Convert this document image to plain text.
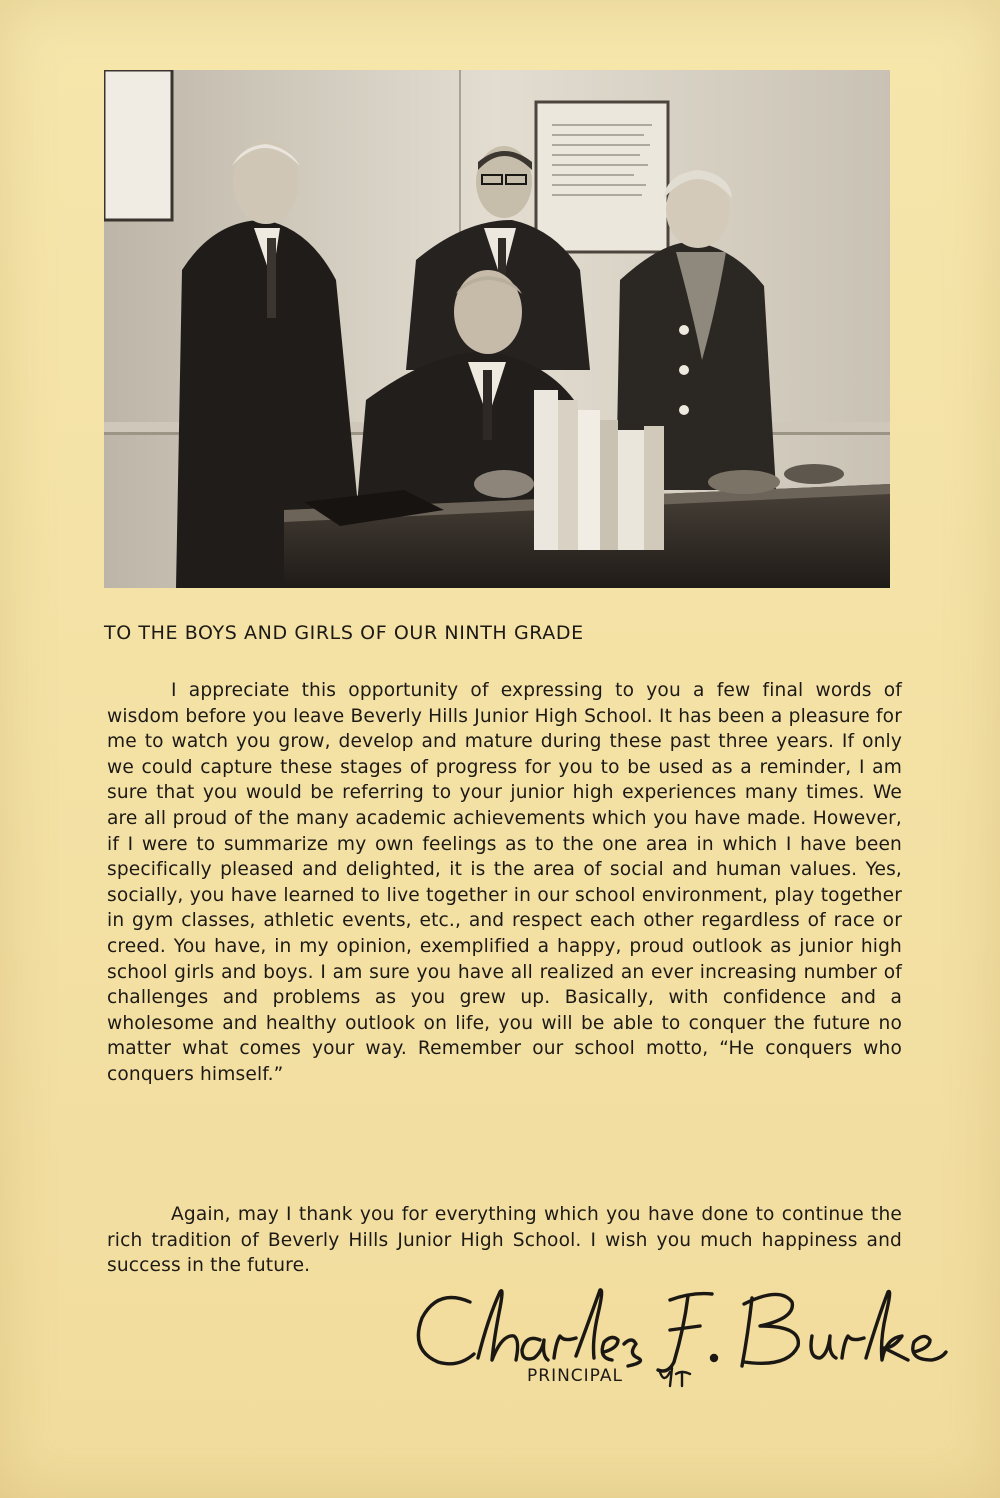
TO THE BOYS AND GIRLS OF OUR NINTH GRADE
I appreciate this opportunity of expressing to you a few final words of wisdom before you leave Beverly Hills Junior High School. It has been a pleasure for me to watch you grow, develop and mature during these past three years. If only we could capture these stages of progress for you to be used as a reminder, I am sure that you would be referring to your junior high experiences many times. We are all proud of the many academic achievements which you have made. However, if I were to summarize my own feelings as to the one area in which I have been specifically pleased and delighted, it is the area of social and human values. Yes, socially, you have learned to live together in our school environment, play together in gym classes, athletic events, etc., and respect each other regardless of race or creed. You have, in my opinion, exemplified a happy, proud outlook as junior high school girls and boys. I am sure you have all realized an ever increasing number of challenges and problems as you grew up. Basically, with confidence and a wholesome and healthy outlook on life, you will be able to conquer the future no matter what comes your way. Remember our school motto, “He conquers who conquers himself.”
Again, may I thank you for everything which you have done to continue the rich tradition of Beverly Hills Junior High School. I wish you much happiness and success in the future.
PRINCIPAL
